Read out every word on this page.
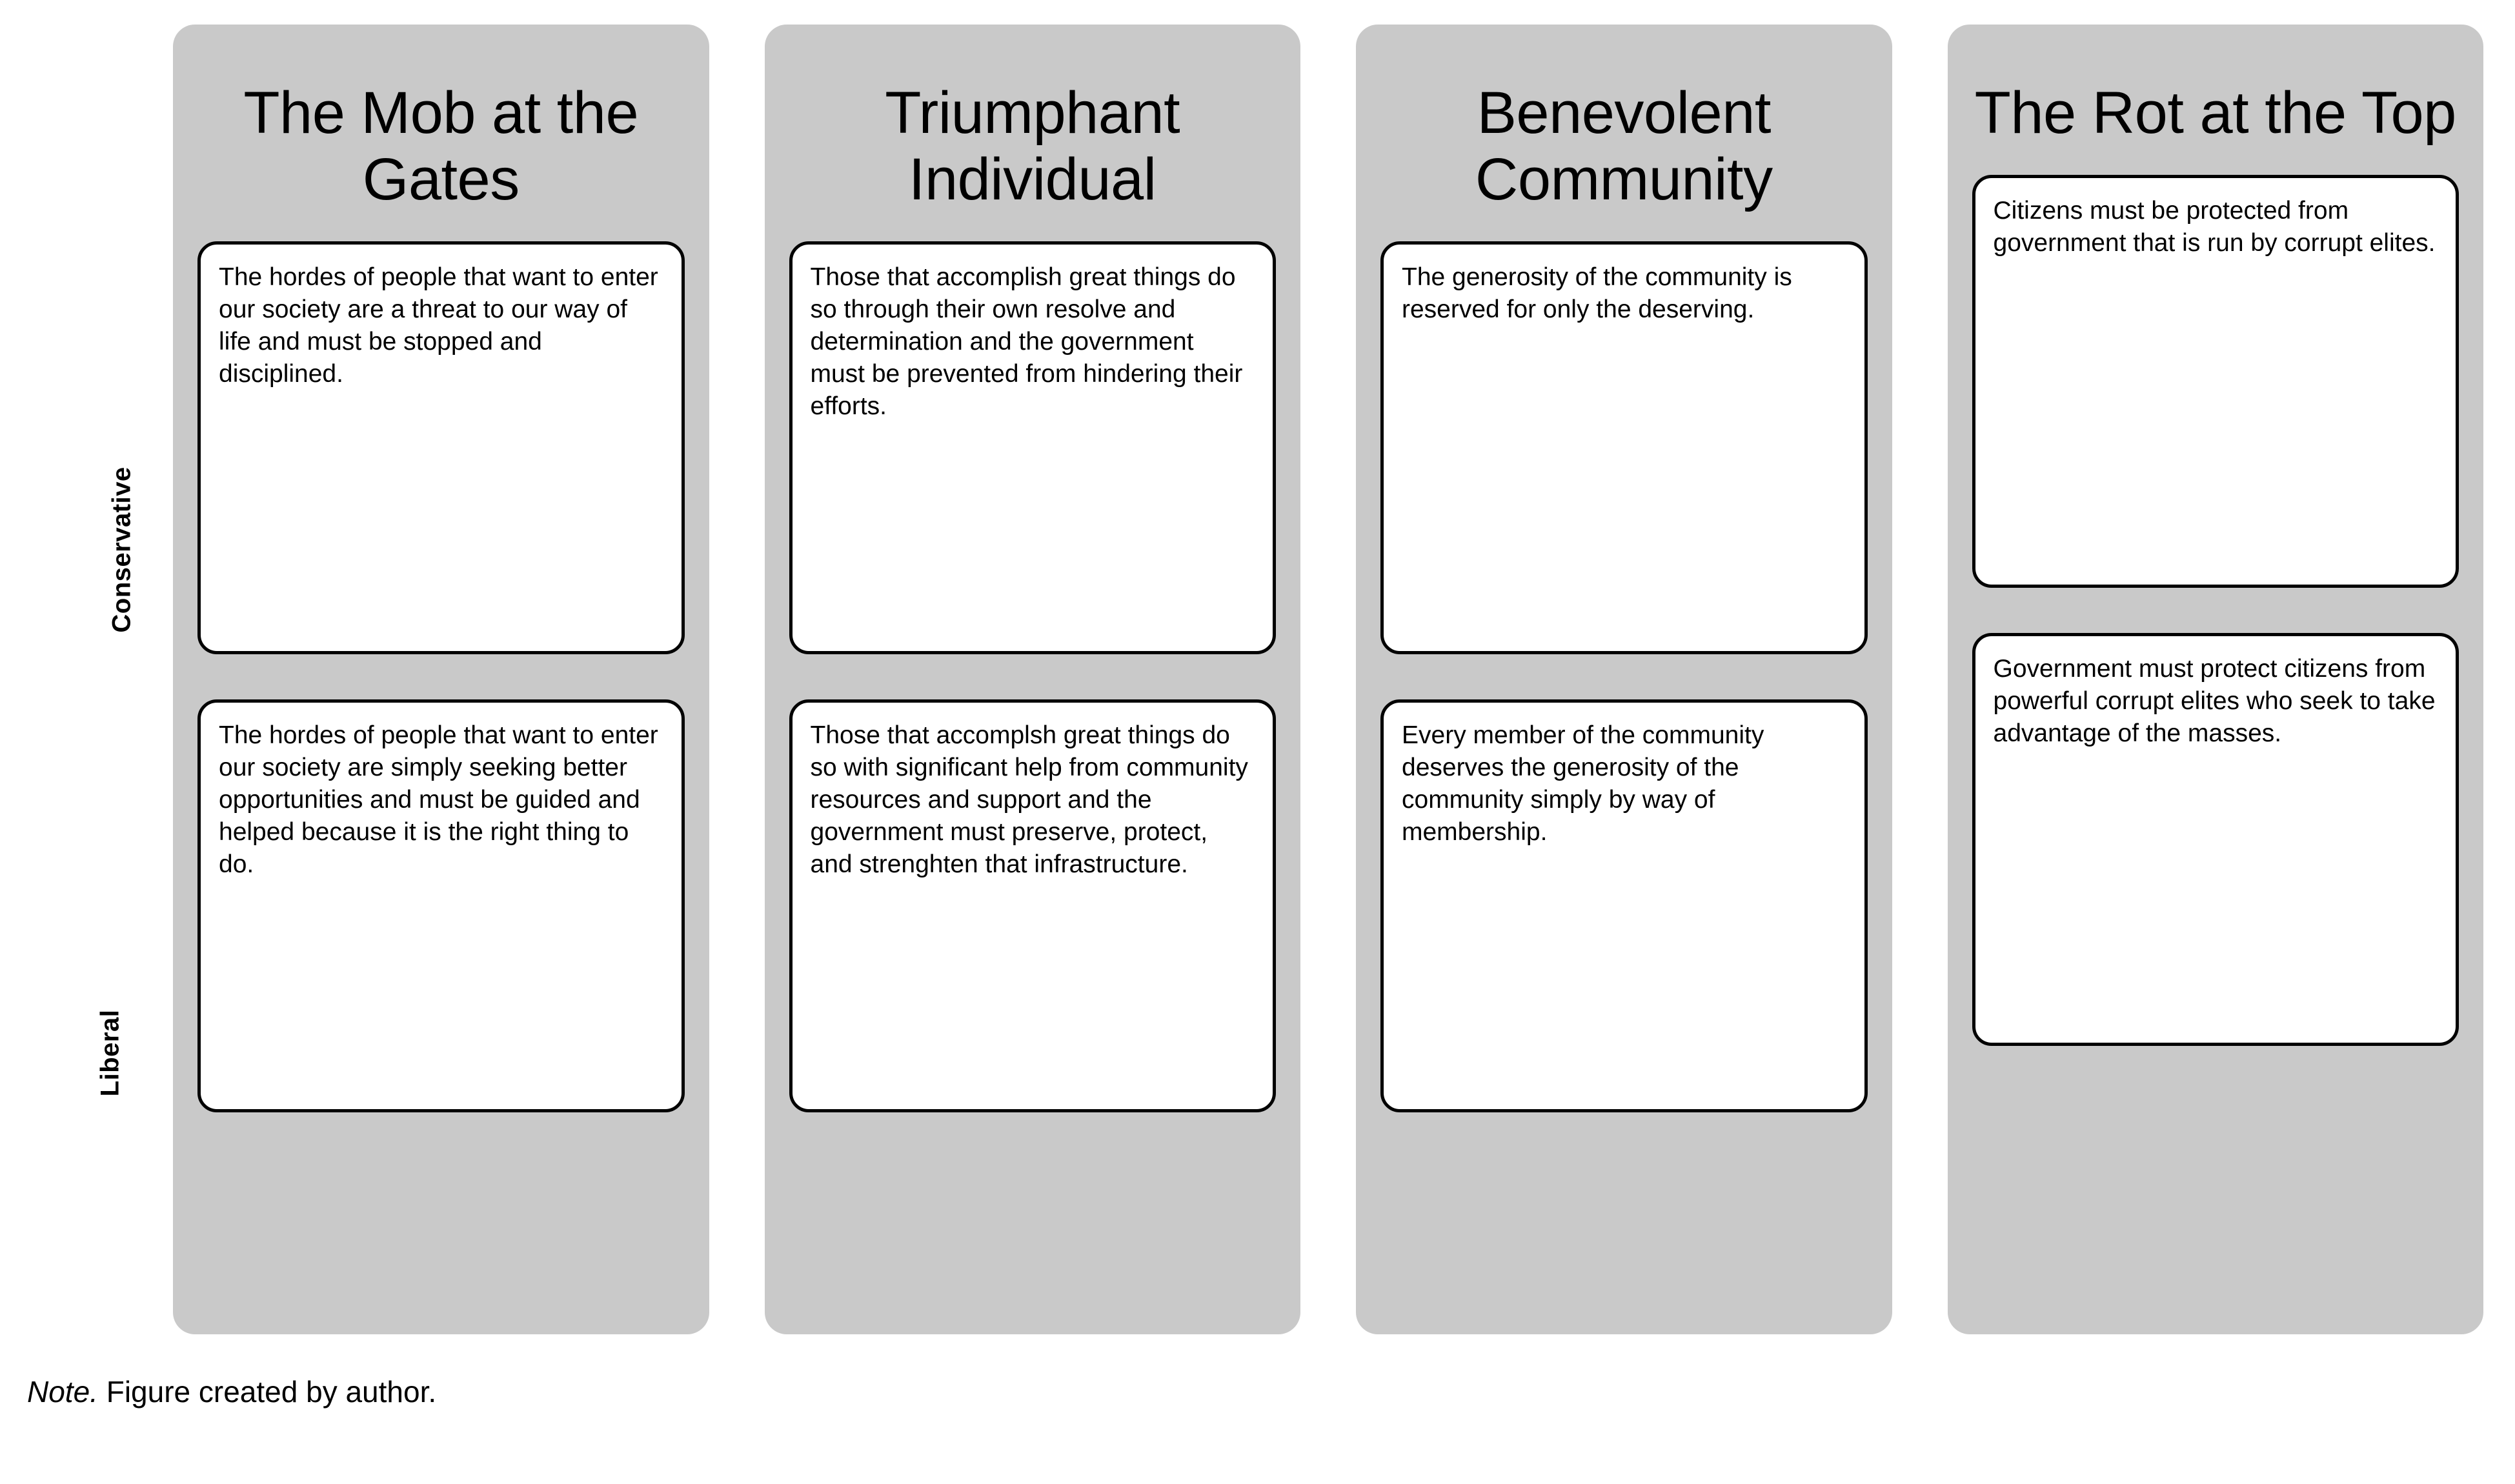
Conservative
Liberal
The Mob at the Gates
The hordes of people that want to enter our society are a threat to our way of life and must be stopped and disciplined.
The hordes of people that want to enter our society are simply seeking better opportunities and must be guided and helped because it is the right thing to do.
Triumphant Individual
Those that accomplish great things do so through their own resolve and determination and the government must be prevented from hindering their efforts.
Those that accomplsh great things do so with significant help from community resources and support and the government must preserve, protect, and strenghten that infrastructure.
Benevolent Community
The generosity of the community is reserved for only the deserving.
Every member of the community deserves the generosity of the community simply by way of membership.
The Rot at the Top
Citizens must be protected from government that is run by corrupt elites.
Government must protect citizens from powerful corrupt elites who seek to take advantage of the masses.
Note. Figure created by author.
